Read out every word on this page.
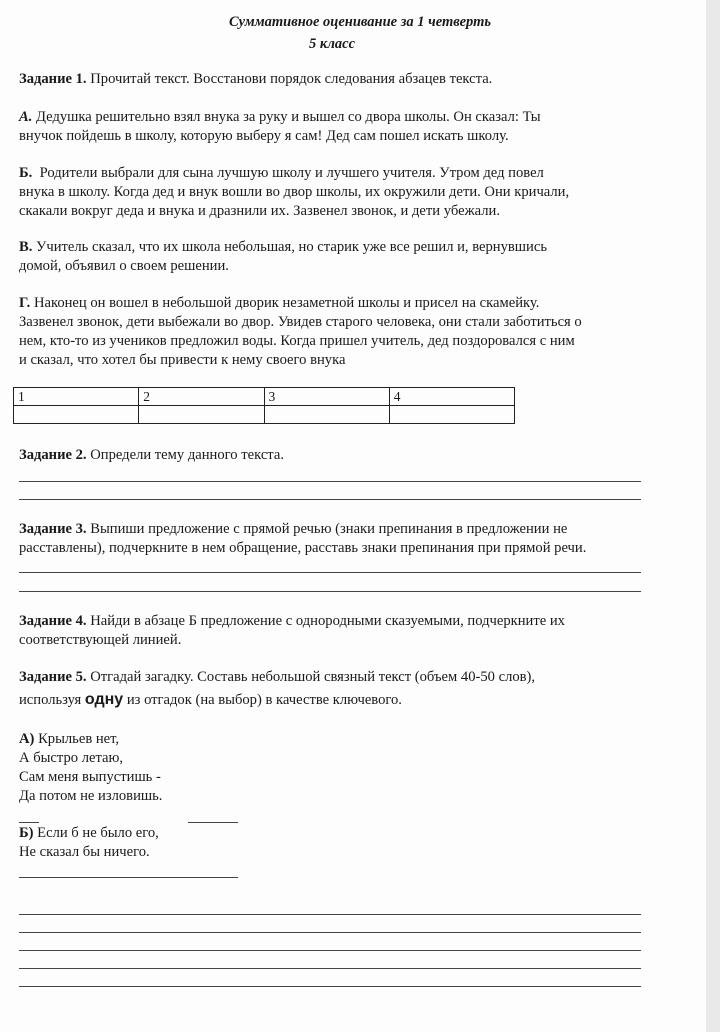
Суммативное оценивание за 1 четверть
5 класс
Задание 1. Прочитай текст. Восстанови порядок следования абзацев текста.
А. Дедушка решительно взял внука за руку и вышел со двора школы. Он сказал: Ты
внучок пойдешь в школу, которую выберу я сам! Дед сам пошел искать школу.
Б. Родители выбрали для сына лучшую школу и лучшего учителя. Утром дед повел
внука в школу. Когда дед и внук вошли во двор школы, их окружили дети. Они кричали,
скакали вокруг деда и внука и дразнили их. Зазвенел звонок, и дети убежали.
В. Учитель сказал, что их школа небольшая, но старик уже все решил и, вернувшись
домой, объявил о своем решении.
Г. Наконец он вошел в небольшой дворик незаметной школы и присел на скамейку.
Зазвенел звонок, дети выбежали во двор. Увидев старого человека, они стали заботиться о
нем, кто-то из учеников предложил воды. Когда пришел учитель, дед поздоровался с ним
и сказал, что хотел бы привести к нему своего внука
1	2	3	4

Задание 2. Определи тему данного текста.
Задание 3. Выпиши предложение с прямой речью (знаки препинания в предложении не
расставлены), подчеркните в нем обращение, расставь знаки препинания при прямой речи.
Задание 4. Найди в абзаце Б предложение с однородными сказуемыми, подчеркните их
соответствующей линией.
Задание 5. Отгадай загадку. Составь небольшой связный текст (объем 40-50 слов),
используя одну из отгадок (на выбор) в качестве ключевого.
А) Крыльев нет,
А быстро летаю,
Сам меня выпустишь -
Да потом не изловишь.
Б) Если б не было его,
Не сказал бы ничего.
